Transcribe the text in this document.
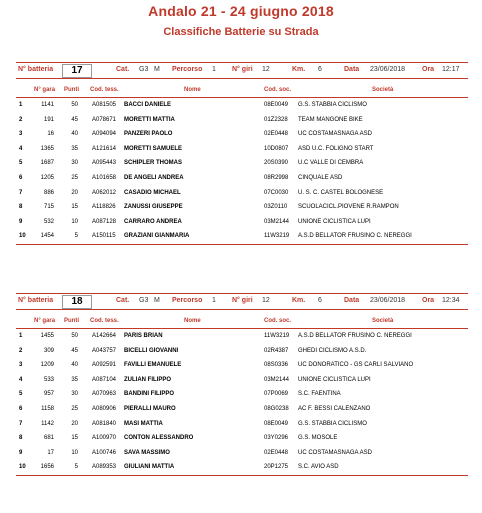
Andalo 21 - 24 giugno 2018
Classifiche Batterie su Strada
N° batteria	17	Cat. G3 M Percorso 1 N° giri 12	Km. 6	Data 23/06/2018 Ora 12:17
N° gara Punti Cod. tess.	Nome	Cod. soc.	Società
1	1141	50 A081505 BACCI DANIELE	08E0049 G.S. STABBIA CICLISMO
2	191	45 A078671 MORETTI MATTIA	01Z2328 TEAM MANGONE BIKE
3	16	40 A094094 PANZERI PAOLO	02E0448 UC COSTAMASNAGA ASD
4	1365	35 A121614 MORETTI SAMUELE	10D0807 ASD U.C. FOLIGNO START
5	1687	30 A095443 SCHIPLER THOMAS	20S0390 U.C VALLE DI CEMBRA
6	1205	25 A101658 DE ANGELI ANDREA	08R2998 CINQUALE ASD
7	886	20 A062012 CASADIO MICHAEL	07C0030 U. S. C. CASTEL BOLOGNESE
8	715	15 A118826 ZANUSSI GIUSEPPE	03Z0110 SCUOLACICL.PIOVENE R.RAMPON
9	532	10 A087128 CARRARO ANDREA	03M2144 UNIONE CICLISTICA LUPI
10	1454	5 A150115 GRAZIANI GIANMARIA	11W3219 A.S.D BELLATOR FRUSINO C. NEREGGI
N° batteria	18	Cat. G3 M Percorso 1 N° giri 12	Km. 6	Data 23/06/2018 Ora 12:34
N° gara Punti Cod. tess.	Nome	Cod. soc.	Società
1	1455	50 A142664 PARIS BRIAN	11W3219 A.S.D BELLATOR FRUSINO C. NEREGGI
2	309	45 A043757 BICELLI GIOVANNI	02R4387 GHEDI CICLISMO A.S.D.
3	1209	40 A092591 FAVILLI EMANUELE	08S0336 UC DONORATICO - GS CARLI SALVIANO
4	533	35 A087104 ZULIAN FILIPPO	03M2144 UNIONE CICLISTICA LUPI
5	957	30 A070963 BANDINI FILIPPO	07P0069 S.C. FAENTINA
6	1158	25 A080906 PIERALLI MAURO	08G0238 AC F. BESSI CALENZANO
7	1142	20 A081840 MASI MATTIA	08E0049 G.S. STABBIA CICLISMO
8	681	15 A100970 CONTON ALESSANDRO	03Y0296 G.S. MOSOLE
9	17	10 A100746 SAVA MASSIMO	02E0448 UC COSTAMASNAGA ASD
10	1656	5 A089353 GIULIANI MATTIA	20P1275 S.C. AVIO ASD
